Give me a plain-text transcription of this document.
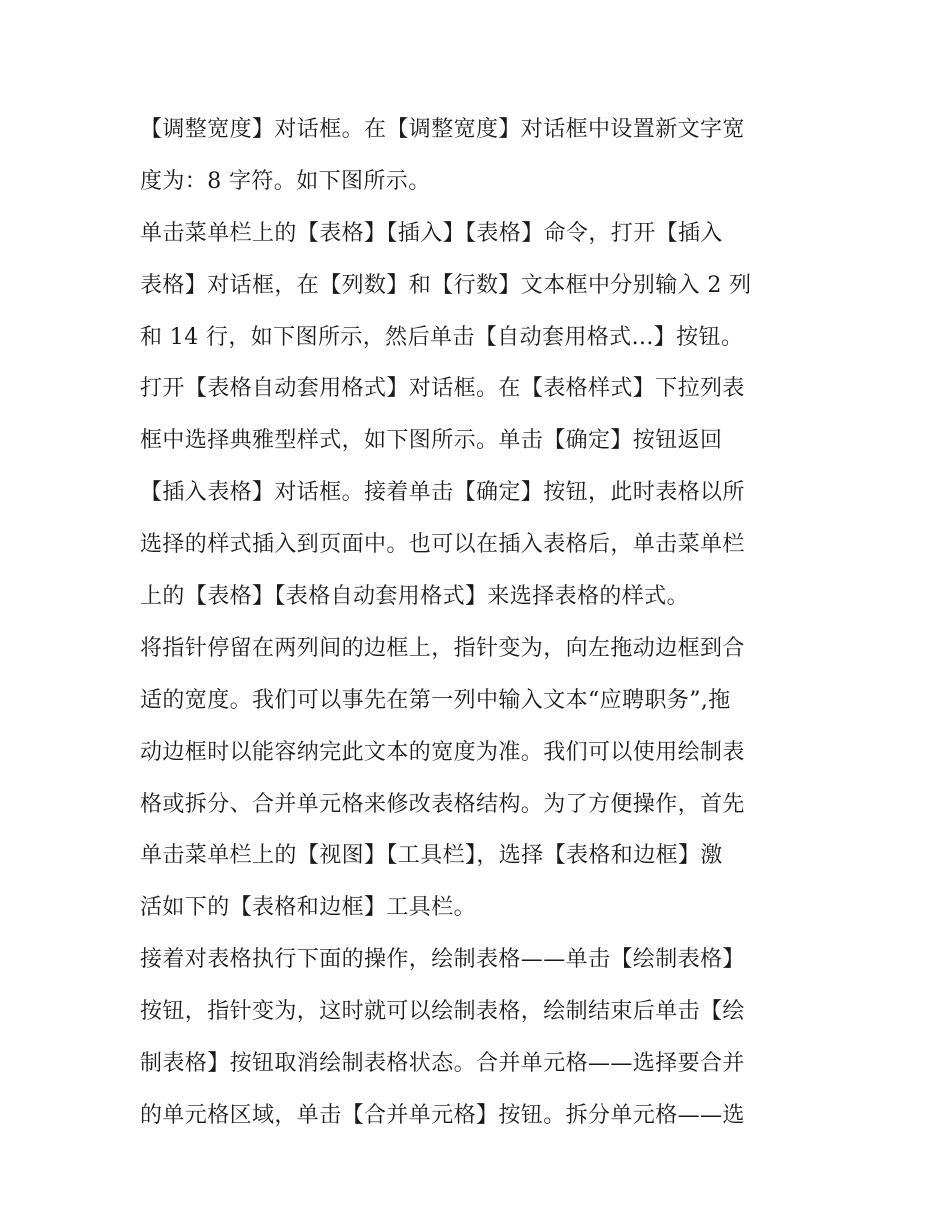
【调整宽度】对话框。在【调整宽度】对话框中设置新文字宽
度为：8 字符。如下图所示。
单击菜单栏上的【表格】【插入】【表格】命令，打开【插入
表格】对话框，在【列数】和【行数】文本框中分别输入 2 列
和 14 行，如下图所示，然后单击【自动套用格式...】按钮。
打开【表格自动套用格式】对话框。在【表格样式】下拉列表
框中选择典雅型样式，如下图所示。单击【确定】按钮返回
【插入表格】对话框。接着单击【确定】按钮，此时表格以所
选择的样式插入到页面中。也可以在插入表格后，单击菜单栏
上的【表格】【表格自动套用格式】来选择表格的样式。
将指针停留在两列间的边框上，指针变为，向左拖动边框到合
适的宽度。我们可以事先在第一列中输入文本“应聘职务”,拖
动边框时以能容纳完此文本的宽度为准。我们可以使用绘制表
格或拆分、合并单元格来修改表格结构。为了方便操作，首先
单击菜单栏上的【视图】【工具栏】，选择【表格和边框】激
活如下的【表格和边框】工具栏。
接着对表格执行下面的操作，绘制表格——单击【绘制表格】
按钮，指针变为，这时就可以绘制表格，绘制结束后单击【绘
制表格】按钮取消绘制表格状态。合并单元格——选择要合并
的单元格区域，单击【合并单元格】按钮。拆分单元格——选
